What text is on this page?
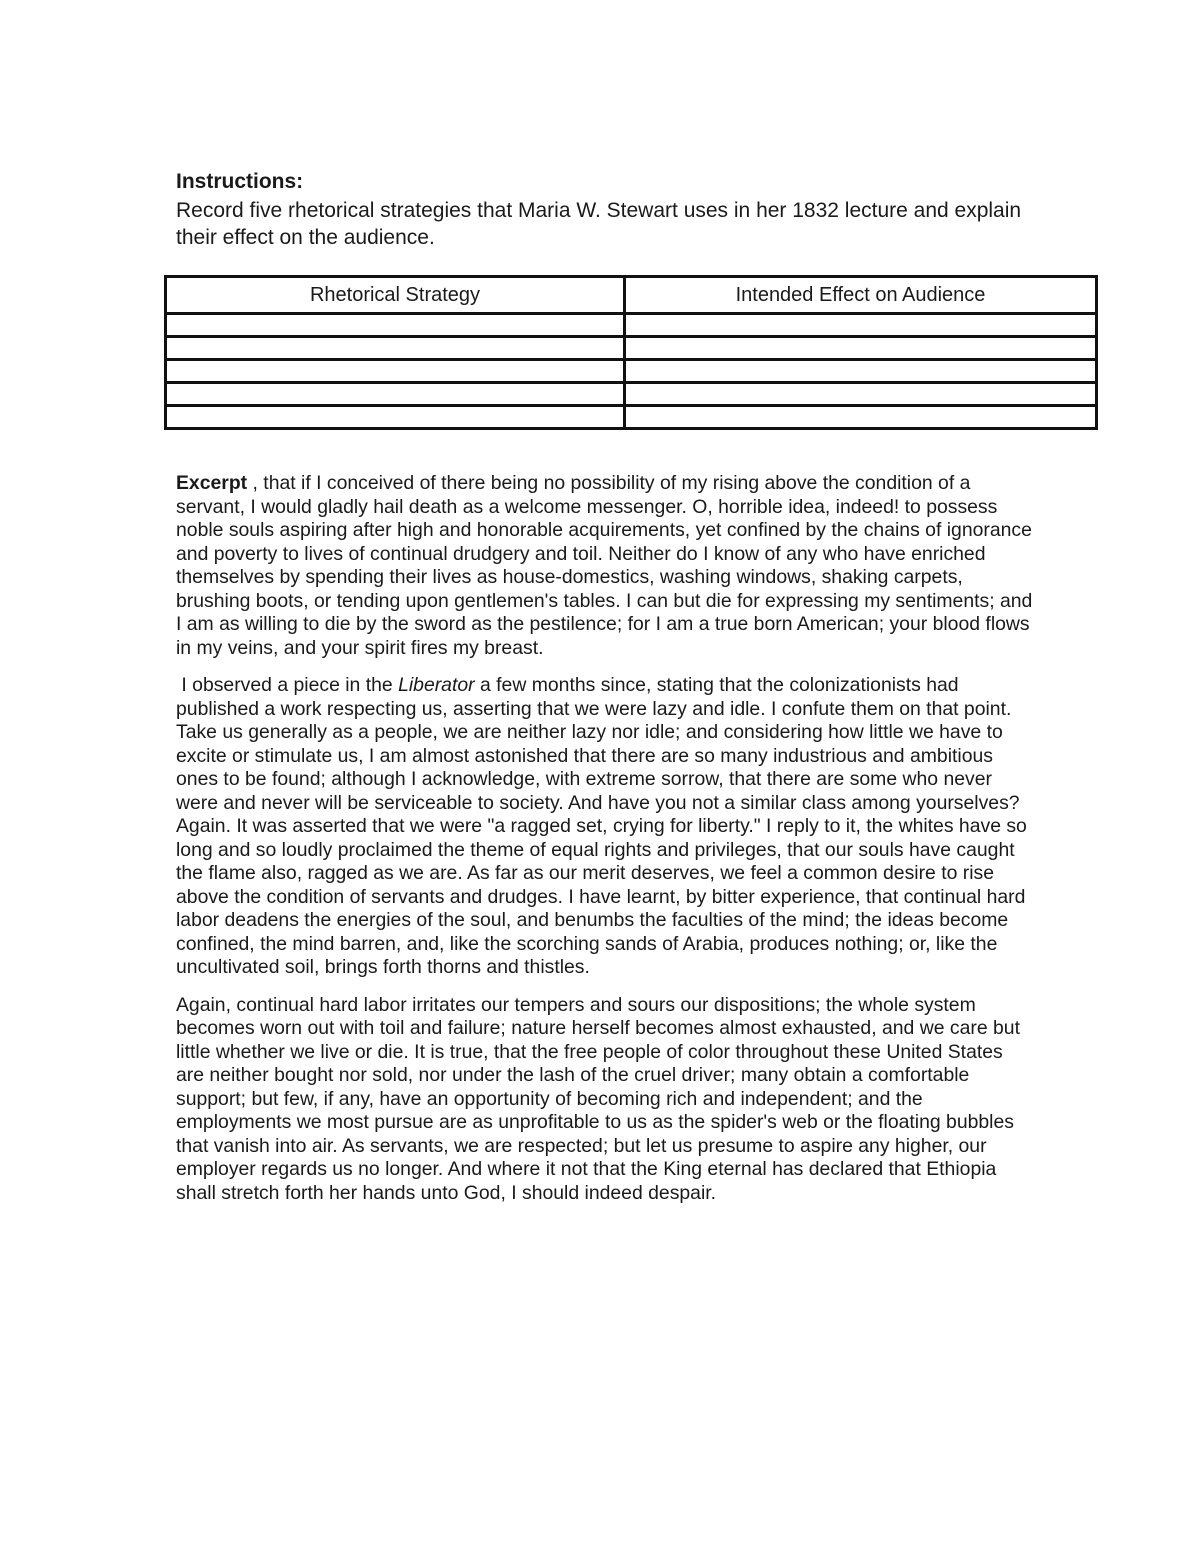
Instructions:
Record five rhetorical strategies that Maria W. Stewart uses in her 1832 lecture and explain their effect on the audience.
Rhetorical Strategy	Intended Effect on Audience

Excerpt , that if I conceived of there being no possibility of my rising above the condition of a servant, I would gladly hail death as a welcome messenger. O, horrible idea, indeed! to possess noble souls aspiring after high and honorable acquirements, yet confined by the chains of ignorance and poverty to lives of continual drudgery and toil. Neither do I know of any who have enriched themselves by spending their lives as house-domestics, washing windows, shaking carpets, brushing boots, or tending upon gentlemen's tables. I can but die for expressing my sentiments; and I am as willing to die by the sword as the pestilence; for I am a true born American; your blood flows in my veins, and your spirit fires my breast.

I observed a piece in the Liberator a few months since, stating that the colonizationists had published a work respecting us, asserting that we were lazy and idle. I confute them on that point. Take us generally as a people, we are neither lazy nor idle; and considering how little we have to excite or stimulate us, I am almost astonished that there are so many industrious and ambitious ones to be found; although I acknowledge, with extreme sorrow, that there are some who never were and never will be serviceable to society. And have you not a similar class among yourselves? Again. It was asserted that we were "a ragged set, crying for liberty." I reply to it, the whites have so long and so loudly proclaimed the theme of equal rights and privileges, that our souls have caught the flame also, ragged as we are. As far as our merit deserves, we feel a common desire to rise above the condition of servants and drudges. I have learnt, by bitter experience, that continual hard labor deadens the energies of the soul, and benumbs the faculties of the mind; the ideas become confined, the mind barren, and, like the scorching sands of Arabia, produces nothing; or, like the uncultivated soil, brings forth thorns and thistles.

Again, continual hard labor irritates our tempers and sours our dispositions; the whole system becomes worn out with toil and failure; nature herself becomes almost exhausted, and we care but little whether we live or die. It is true, that the free people of color throughout these United States are neither bought nor sold, nor under the lash of the cruel driver; many obtain a comfortable support; but few, if any, have an opportunity of becoming rich and independent; and the employments we most pursue are as unprofitable to us as the spider's web or the floating bubbles that vanish into air. As servants, we are respected; but let us presume to aspire any higher, our employer regards us no longer. And where it not that the King eternal has declared that Ethiopia shall stretch forth her hands unto God, I should indeed despair.
